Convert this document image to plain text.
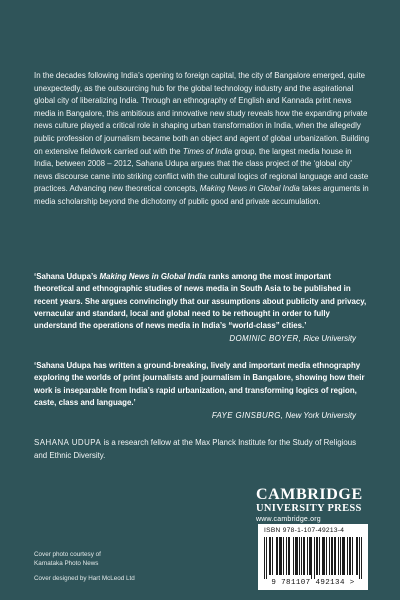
In the decades following India’s opening to foreign capital, the city of Bangalore emerged, quite unexpectedly, as the outsourcing hub for the global technology industry and the aspirational global city of liberalizing India. Through an ethnography of English and Kannada print news media in Bangalore, this ambitious and innovative new study reveals how the expanding private news culture played a critical role in shaping urban transformation in India, when the allegedly public profession of journalism became both an object and agent of global urbanization. Building on extensive fieldwork carried out with the Times of India group, the largest media house in India, between 2008 – 2012, Sahana Udupa argues that the class project of the ‘global city’ news discourse came into striking conflict with the cultural logics of regional language and caste practices. Advancing new theoretical concepts, Making News in Global India takes arguments in media scholarship beyond the dichotomy of public good and private accumulation.

‘Sahana Udupa’s Making News in Global India ranks among the most important theoretical and ethnographic studies of news media in South Asia to be published in recent years. She argues convincingly that our assumptions about publicity and privacy, vernacular and standard, local and global need to be rethought in order to fully understand the operations of news media in India’s “world-class” cities.’

DOMINIC BOYER, Rice University

‘Sahana Udupa has written a ground-breaking, lively and important media ethnography exploring the worlds of print journalists and journalism in Bangalore, showing how their work is inseparable from India’s rapid urbanization, and transforming logics of region, caste, class and language.’

FAYE GINSBURG, New York University

SAHANA UDUPA is a research fellow at the Max Planck Institute for the Study of Religious and Ethnic Diversity.
CAMBRIDGE
UNIVERSITY PRESS
www.cambridge.org
ISBN 978-1-107-49213-4
9 781107 492134 >
Cover photo courtesy of
Karnataka Photo News
Cover designed by Hart McLeod Ltd
